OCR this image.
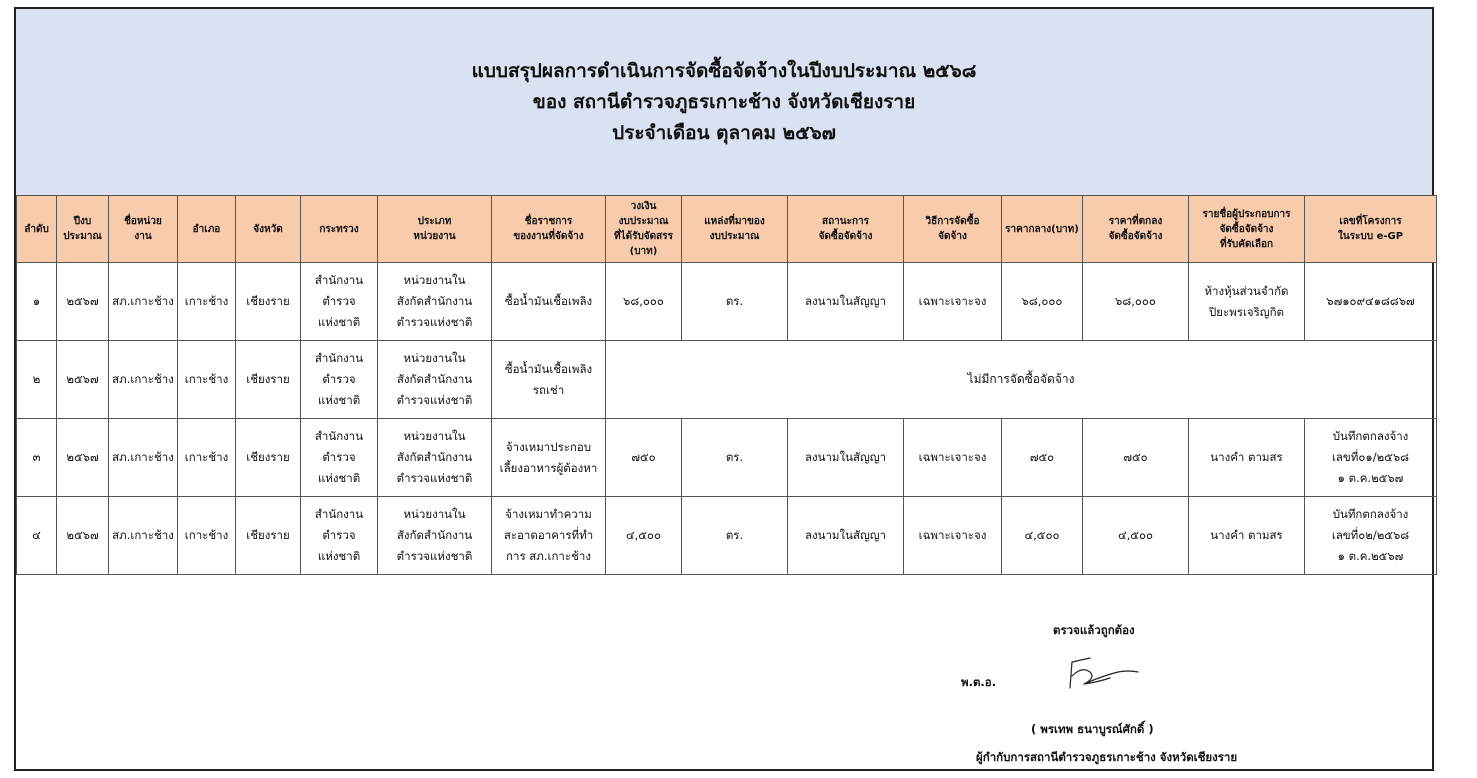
แบบสรุปผลการดำเนินการจัดซื้อจัดจ้างในปีงบประมาณ ๒๕๖๘
ของ สถานีตำรวจภูธรเกาะช้าง จังหวัดเชียงราย
ประจำเดือน ตุลาคม ๒๕๖๗
ลำดับ	ปีงบ
ประมาณ	ชื่อหน่วย
งาน	อำเภอ	จังหวัด	กระทรวง	ประเภท
หน่วยงาน	ชื่อราชการ
ของงานที่จัดจ้าง	วงเงิน
งบประมาณ
ที่ได้รับจัดสรร
(บาท)	แหล่งที่มาของ
งบประมาณ	สถานะการ
จัดซื้อจัดจ้าง	วิธีการจัดซื้อ
จัดจ้าง	ราคากลาง(บาท)	ราคาที่ตกลง
จัดซื้อจัดจ้าง	รายชื่อผู้ประกอบการ
จัดซื้อจัดจ้าง
ที่รับคัดเลือก	เลขที่โครงการ
ในระบบ e-GP
๑	๒๕๖๗	สภ.เกาะช้าง	เกาะช้าง	เชียงราย	สำนักงาน
ตำรวจ
แห่งชาติ	หน่วยงานใน
สังกัดสำนักงาน
ตำรวจแห่งชาติ	ซื้อน้ำมันเชื้อเพลิง	๖๘,๐๐๐	ตร.	ลงนามในสัญญา	เฉพาะเจาะจง	๖๘,๐๐๐	๖๘,๐๐๐	ห้างหุ้นส่วนจำกัด
ปิยะพรเจริญกิต	๖๗๑๐๙๔๑๘๘๖๗
๒	๒๕๖๗	สภ.เกาะช้าง	เกาะช้าง	เชียงราย	สำนักงาน
ตำรวจ
แห่งชาติ	หน่วยงานใน
สังกัดสำนักงาน
ตำรวจแห่งชาติ	ซื้อน้ำมันเชื้อเพลิง
รถเช่า	ไม่มีการจัดซื้อจัดจ้าง							
๓	๒๕๖๗	สภ.เกาะช้าง	เกาะช้าง	เชียงราย	สำนักงาน
ตำรวจ
แห่งชาติ	หน่วยงานใน
สังกัดสำนักงาน
ตำรวจแห่งชาติ	จ้างเหมาประกอบ
เลี้ยงอาหารผู้ต้องหา	๗๕๐	ตร.	ลงนามในสัญญา	เฉพาะเจาะจง	๗๕๐	๗๕๐	นางคำ ตามสร	บันทึกตกลงจ้าง
เลขที่๐๑/๒๕๖๘
๑ ต.ค.๒๕๖๗
๔	๒๕๖๗	สภ.เกาะช้าง	เกาะช้าง	เชียงราย	สำนักงาน
ตำรวจ
แห่งชาติ	หน่วยงานใน
สังกัดสำนักงาน
ตำรวจแห่งชาติ	จ้างเหมาทำความ
สะอาดอาคารที่ทำ
การ สภ.เกาะช้าง	๔,๕๐๐	ตร.	ลงนามในสัญญา	เฉพาะเจาะจง	๔,๕๐๐	๔,๕๐๐	นางคำ ตามสร	บันทึกตกลงจ้าง
เลขที่๐๒/๒๕๖๘
๑ ต.ค.๒๕๖๗
ตรวจแล้วถูกต้อง
พ.ต.อ.
( พรเทพ ธนาบูรณ์ศักดิ์ )
ผู้กำกับการสถานีตำรวจภูธรเกาะช้าง จังหวัดเชียงราย
